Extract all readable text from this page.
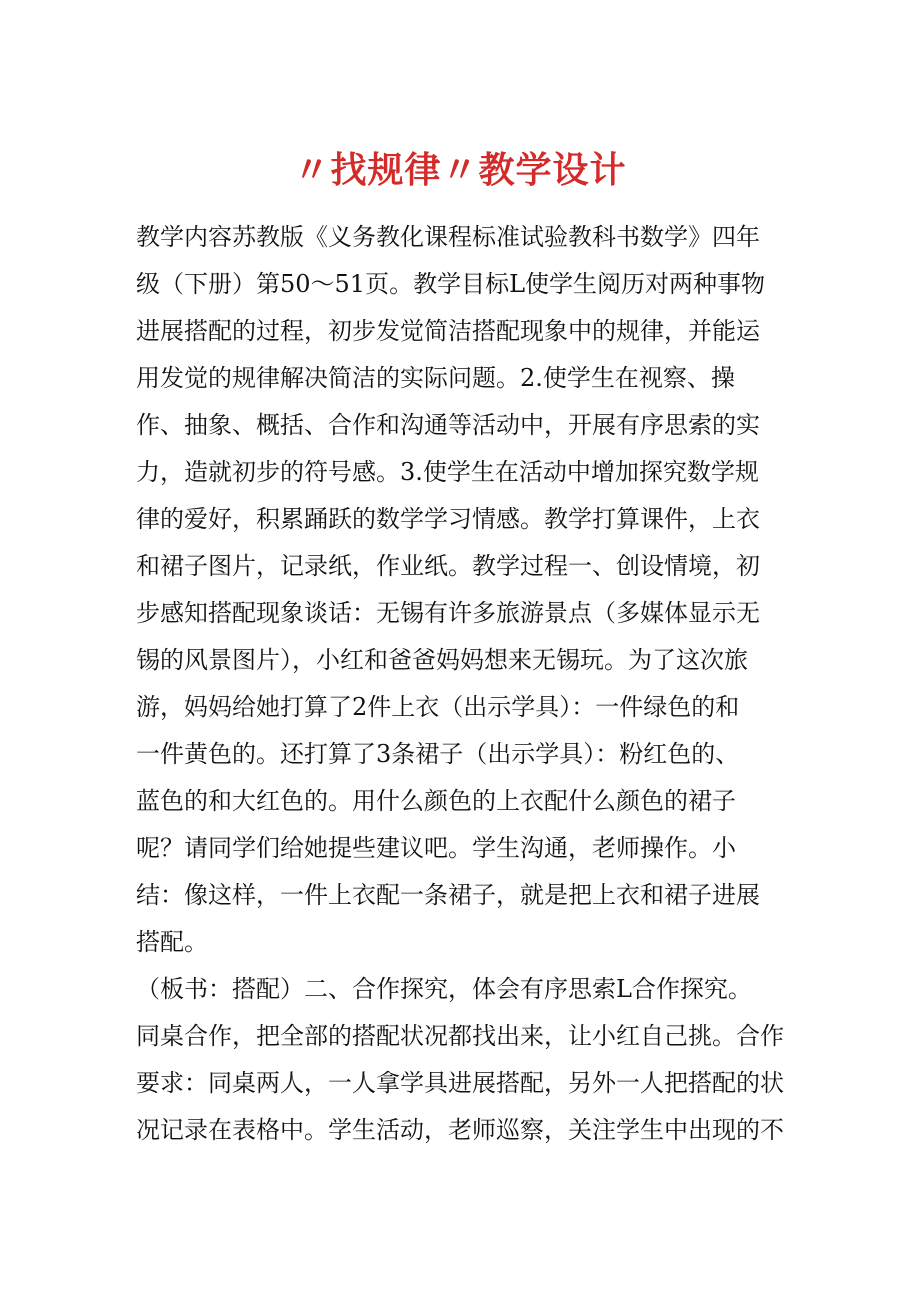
〃找规律〃教学设计
教学内容苏教版《义务教化课程标准试验教科书数学》四年
级（下册）第50～51页。教学目标L使学生阅历对两种事物
进展搭配的过程，初步发觉简洁搭配现象中的规律，并能运
用发觉的规律解决简洁的实际问题。2.使学生在视察、操
作、抽象、概括、合作和沟通等活动中，开展有序思索的实
力，造就初步的符号感。3.使学生在活动中增加探究数学规
律的爱好，积累踊跃的数学学习情感。教学打算课件，上衣
和裙子图片，记录纸，作业纸。教学过程一、创设情境，初
步感知搭配现象谈话：无锡有许多旅游景点（多媒体显示无
锡的风景图片），小红和爸爸妈妈想来无锡玩。为了这次旅
游，妈妈给她打算了2件上衣（出示学具）：一件绿色的和
一件黄色的。还打算了3条裙子（出示学具）：粉红色的、
蓝色的和大红色的。用什么颜色的上衣配什么颜色的裙子
呢？请同学们给她提些建议吧。学生沟通，老师操作。小
结：像这样，一件上衣配一条裙子，就是把上衣和裙子进展
搭配。
（板书：搭配）二、合作探究，体会有序思索L合作探究。
同桌合作，把全部的搭配状况都找出来，让小红自己挑。合作
要求：同桌两人，一人拿学具进展搭配，另外一人把搭配的状
况记录在表格中。学生活动，老师巡察，关注学生中出现的不
